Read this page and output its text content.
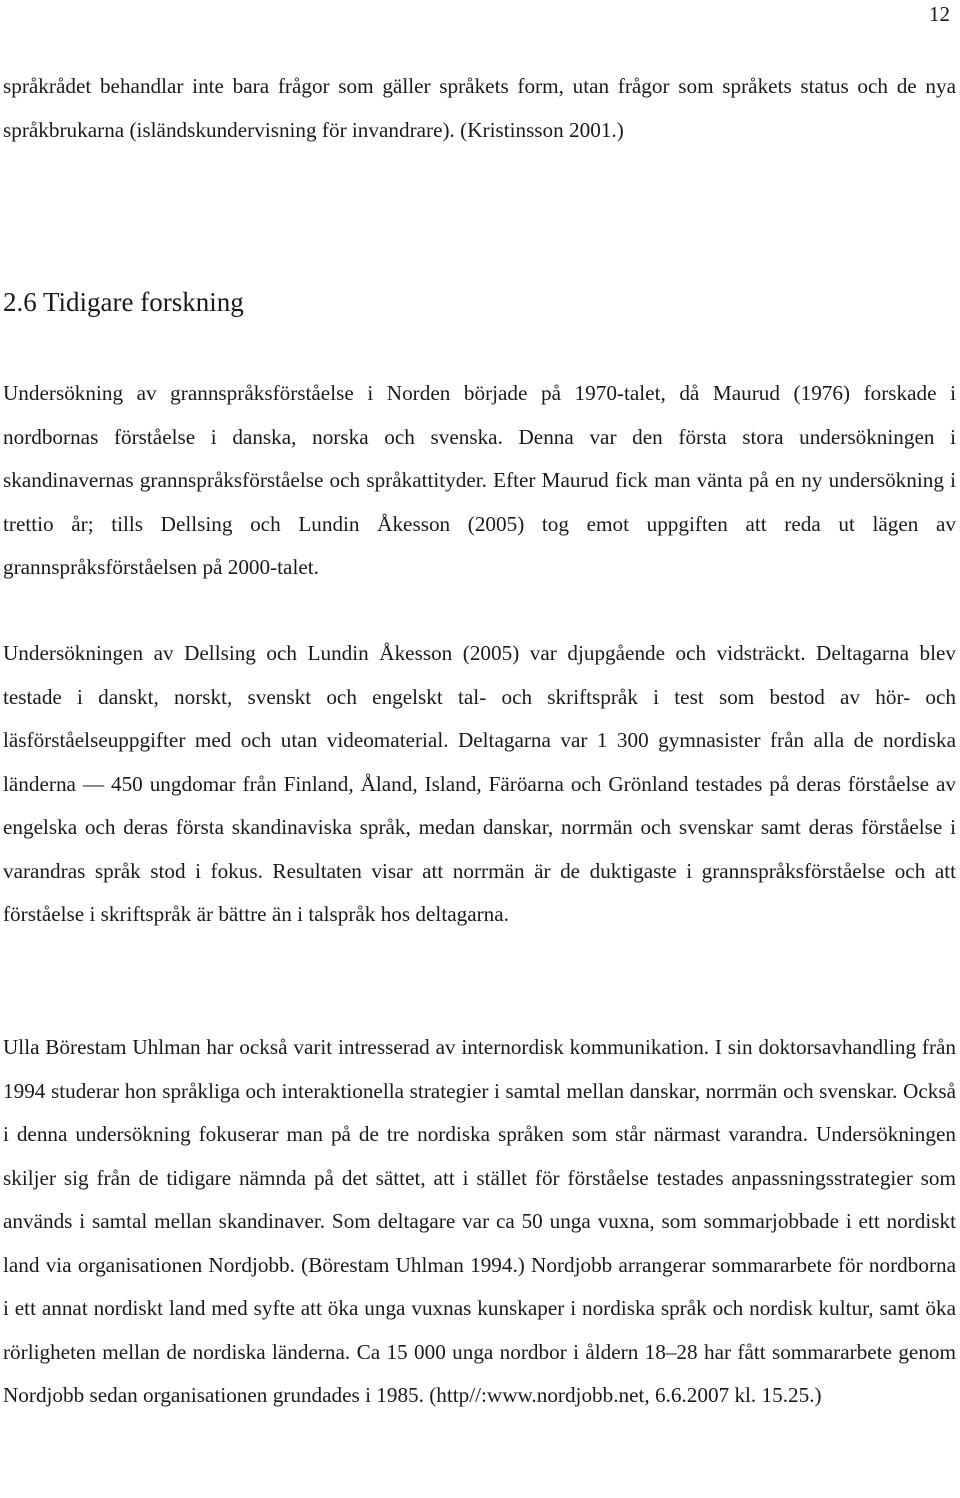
12

språkrådet behandlar inte bara frågor som gäller språkets form, utan frågor som språkets status och de nya språkbrukarna (isländskundervisning för invandrare). (Kristinsson 2001.)

2.6 Tidigare forskning

Undersökning av grannspråksförståelse i Norden började på 1970-talet, då Maurud (1976) forskade i nordbornas förståelse i danska, norska och svenska. Denna var den första stora undersökningen i skandinavernas grannspråksförståelse och språkattityder. Efter Maurud fick man vänta på en ny undersökning i trettio år; tills Dellsing och Lundin Åkesson (2005) tog emot uppgiften att reda ut lägen av grannspråksförståelsen på 2000-talet.

Undersökningen av Dellsing och Lundin Åkesson (2005) var djupgående och vidsträckt. Deltagarna blev testade i danskt, norskt, svenskt och engelskt tal- och skriftspråk i test som bestod av hör- och läsförståelseuppgifter med och utan videomaterial. Deltagarna var 1 300 gymnasister från alla de nordiska länderna — 450 ungdomar från Finland, Åland, Island, Färöarna och Grönland testades på deras förståelse av engelska och deras första skandinaviska språk, medan danskar, norrmän och svenskar samt deras förståelse i varandras språk stod i fokus. Resultaten visar att norrmän är de duktigaste i grannspråksförståelse och att förståelse i skriftspråk är bättre än i talspråk hos deltagarna.

Ulla Börestam Uhlman har också varit intresserad av internordisk kommunikation. I sin doktorsavhandling från 1994 studerar hon språkliga och interaktionella strategier i samtal mellan danskar, norrmän och svenskar. Också i denna undersökning fokuserar man på de tre nordiska språken som står närmast varandra. Undersökningen skiljer sig från de tidigare nämnda på det sättet, att i stället för förståelse testades anpassningsstrategier som används i samtal mellan skandinaver. Som deltagare var ca 50 unga vuxna, som sommarjobbade i ett nordiskt land via organisationen Nordjobb. (Börestam Uhlman 1994.) Nordjobb arrangerar sommararbete för nordborna i ett annat nordiskt land med syfte att öka unga vuxnas kunskaper i nordiska språk och nordisk kultur, samt öka rörligheten mellan de nordiska länderna. Ca 15 000 unga nordbor i åldern 18–28 har fått sommararbete genom Nordjobb sedan organisationen grundades i 1985. (http//:www.nordjobb.net, 6.6.2007 kl. 15.25.)
